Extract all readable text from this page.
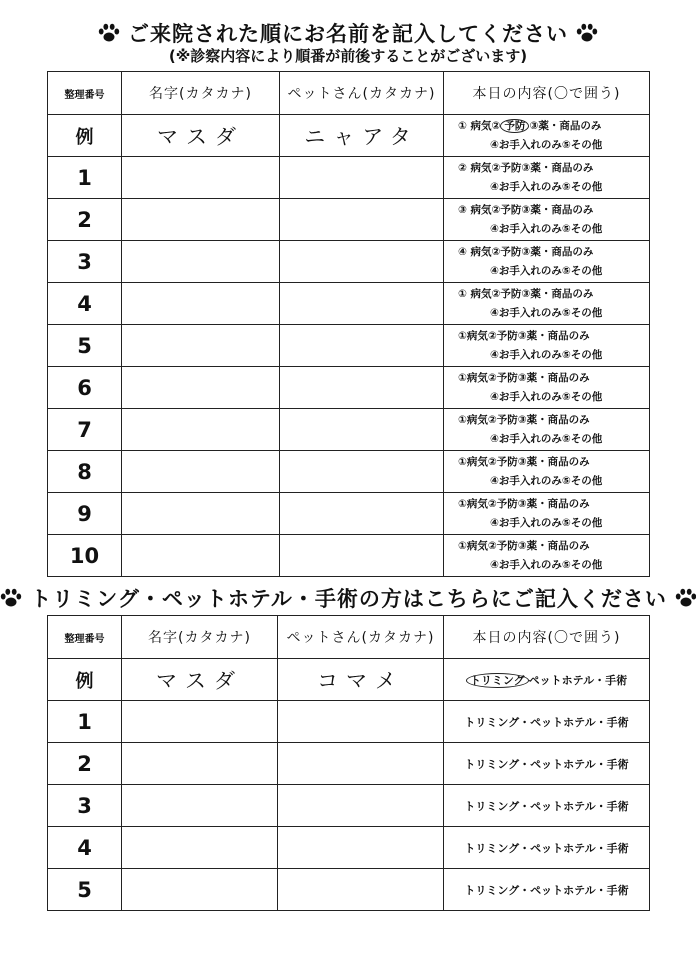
ご来院された順にお名前を記入してください
(※診察内容により順番が前後することがございます)
整理番号	名字(カタカナ)	ペットさん(カタカナ)	本日の内容(〇で囲う)
例	マスダ	ニャアタ	① 病気② 予防 ③薬・商品のみ
④お手入れのみ⑤その他

1			② 病気②予防③薬・商品のみ
④お手入れのみ⑤その他

2			③ 病気②予防③薬・商品のみ
④お手入れのみ⑤その他

3			④ 病気②予防③薬・商品のみ
④お手入れのみ⑤その他

4			① 病気②予防③薬・商品のみ
④お手入れのみ⑤その他

5			①病気②予防③薬・商品のみ
④お手入れのみ⑤その他

6			①病気②予防③薬・商品のみ
④お手入れのみ⑤その他

7			①病気②予防③薬・商品のみ
④お手入れのみ⑤その他

8			①病気②予防③薬・商品のみ
④お手入れのみ⑤その他

9			①病気②予防③薬・商品のみ
④お手入れのみ⑤その他

10			①病気②予防③薬・商品のみ
④お手入れのみ⑤その他
トリミング・ペットホテル・手術の方はこちらにご記入ください
整理番号	名字(カタカナ)	ペットさん(カタカナ)	本日の内容(〇で囲う)
例	マスダ	コマメ	トリミング ペットホテル・手術
1			トリミング・ペットホテル・手術
2			トリミング・ペットホテル・手術
3			トリミング・ペットホテル・手術
4			トリミング・ペットホテル・手術
5			トリミング・ペットホテル・手術
